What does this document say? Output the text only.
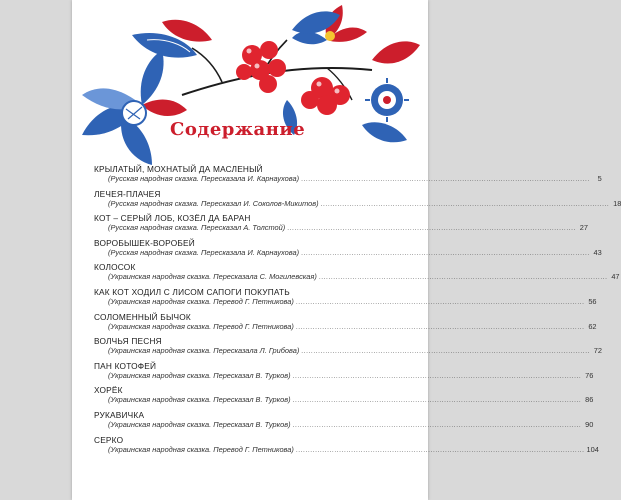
Содержание
КРЫЛАТЫЙ, МОХНАТЫЙ ДА МАСЛЕНЫЙ
(Русская народная сказка. Пересказала И. Карнаухова) ........................................................................................................................	5
ЛЕЧЕЯ-ПЛАЧЕЯ
(Русская народная сказка. Пересказал И. Соколов-Микитов) ........................................................................................................................ 18
КОТ – СЕРЫЙ ЛОБ, КОЗЁЛ ДА БАРАН
(Русская народная сказка. Пересказал А. Толстой) ........................................................................................................................ 27
ВОРОБЫШЕК-ВОРОБЕЙ
(Русская народная сказка. Пересказала И. Карнаухова) ........................................................................................................................ 43
КОЛОСОК
(Украинская народная сказка. Пересказала С. Могилевская) ........................................................................................................................ 47
КАК КОТ ХОДИЛ С ЛИСОМ САПОГИ ПОКУПАТЬ
(Украинская народная сказка. Перевод Г. Петникова) ........................................................................................................................ 56
СОЛОМЕННЫЙ БЫЧОК
(Украинская народная сказка. Перевод Г. Петникова) ........................................................................................................................ 62
ВОЛЧЬЯ ПЕСНЯ
(Украинская народная сказка. Пересказала Л. Грибова) ........................................................................................................................ 72
ПАН КОТОФЕЙ
(Украинская народная сказка. Пересказал В. Турков) ........................................................................................................................ 76
ХОРЁК
(Украинская народная сказка. Пересказал В. Турков) ........................................................................................................................ 86
РУКАВИЧКА
(Украинская народная сказка. Пересказал В. Турков) ........................................................................................................................ 90
СЕРКО
(Украинская народная сказка. Перевод Г. Петникова) ........................................................................................................................ 104
